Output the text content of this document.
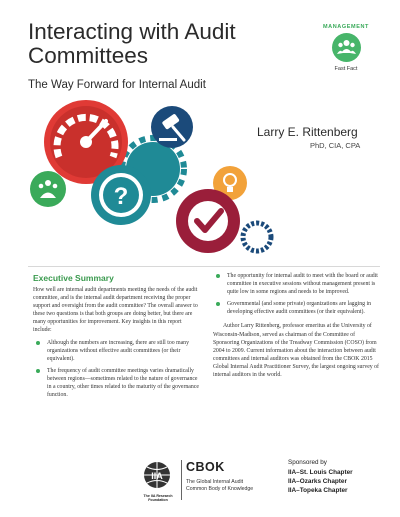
Interacting with Audit Committees
The Way Forward for Internal Audit
MANAGEMENT
Fast Fact
?
Larry E. Rittenberg
PhD, CIA, CPA
Executive Summary

How well are internal audit departments meeting the needs of the audit committee, and is the internal audit department receiving the proper support and oversight from the audit committee? The overall answer to these two questions is that both groups are doing better, but there are many opportunities for improvement. Key insights in this report include:

Although the numbers are increasing, there are still too many organizations without effective audit committees (or their equivalent).
The frequency of audit committee meetings varies dramatically between regions—sometimes related to the nature of governance in a country, other times related to the maturity of the governance function.
The opportunity for internal audit to meet with the board or audit committee in executive sessions without management present is quite low in some regions and needs to be improved.
Governmental (and some private) organizations are lagging in developing effective audit committees (or their equivalent).

Author Larry Rittenberg, professor emeritus at the University of Wisconsin-Madison, served as chairman of the Committee of Sponsoring Organizations of the Treadway Commission (COSO) from 2004 to 2009. Current information about the interaction between audit committees and internal auditors was obtained from the CBOK 2015 Global Internal Audit Practitioner Survey, the largest ongoing survey of internal auditors in the world.

IIA
The IIA Research Foundation
CBOK
The Global Internal Audit
Common Body of Knowledge
Sponsored by
IIA–St. Louis Chapter
IIA–Ozarks Chapter
IIA–Topeka Chapter
